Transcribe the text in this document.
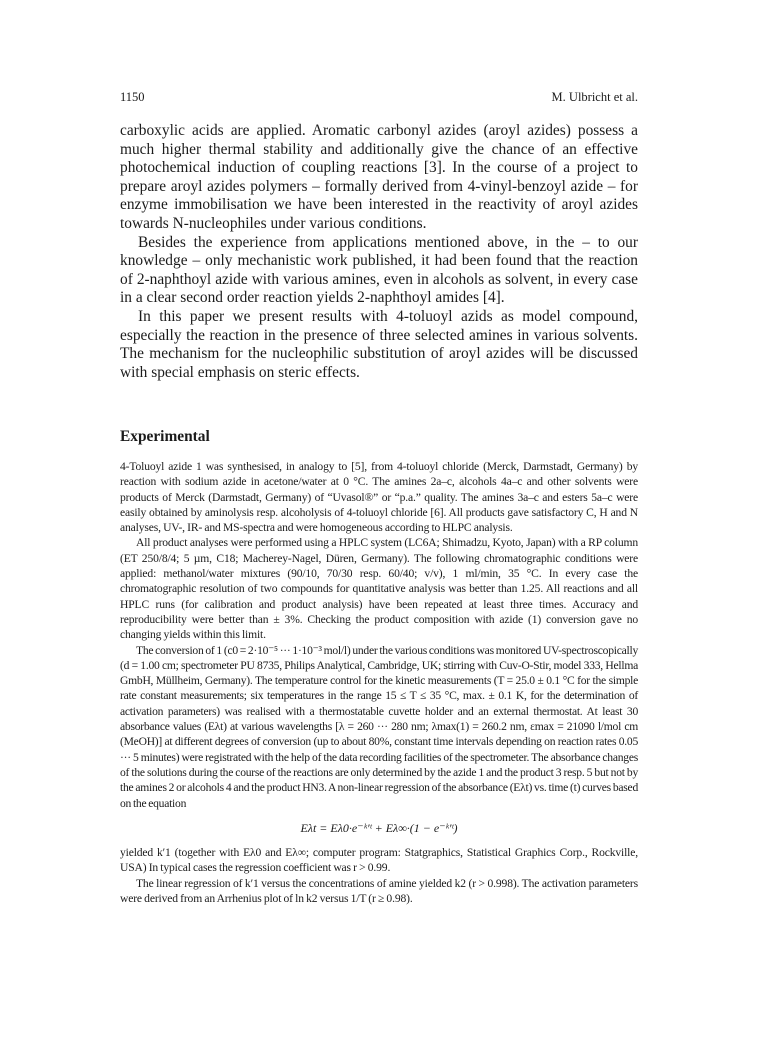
1150	M. Ulbricht et al.

carboxylic acids are applied. Aromatic carbonyl azides (aroyl azides) possess a much higher thermal stability and additionally give the chance of an effective photochemical induction of coupling reactions [3]. In the course of a project to prepare aroyl azides polymers – formally derived from 4-vinyl-benzoyl azide – for enzyme immobilisation we have been interested in the reactivity of aroyl azides towards N-nucleophiles under various conditions.

Besides the experience from applications mentioned above, in the – to our knowledge – only mechanistic work published, it had been found that the reaction of 2-naphthoyl azide with various amines, even in alcohols as solvent, in every case in a clear second order reaction yields 2-naphthoyl amides [4].

In this paper we present results with 4-toluoyl azids as model compound, especially the reaction in the presence of three selected amines in various solvents. The mechanism for the nucleophilic substitution of aroyl azides will be discussed with special emphasis on steric effects.

Experimental

4-Toluoyl azide 1 was synthesised, in analogy to [5], from 4-toluoyl chloride (Merck, Darmstadt, Germany) by reaction with sodium azide in acetone/water at 0 °C. The amines 2a–c, alcohols 4a–c and other solvents were products of Merck (Darmstadt, Germany) of “Uvasol®” or “p.a.” quality. The amines 3a–c and esters 5a–c were easily obtained by aminolysis resp. alcoholysis of 4-toluoyl chloride [6]. All products gave satisfactory C, H and N analyses, UV-, IR- and MS-spectra and were homogeneous according to HLPC analysis.

All product analyses were performed using a HPLC system (LC6A; Shimadzu, Kyoto, Japan) with a RP column (ET 250/8/4; 5 µm, C18; Macherey-Nagel, Düren, Germany). The following chromatographic conditions were applied: methanol/water mixtures (90/10, 70/30 resp. 60/40; v/v), 1 ml/min, 35 °C. In every case the chromatographic resolution of two compounds for quantitative analysis was better than 1.25. All reactions and all HPLC runs (for calibration and product analysis) have been repeated at least three times. Accuracy and reproducibility were better than ± 3%. Checking the product composition with azide (1) conversion gave no changing yields within this limit.

The conversion of 1 (c0 = 2·10⁻⁵ ··· 1·10⁻³ mol/l) under the various conditions was monitored UV-spectroscopically (d = 1.00 cm; spectrometer PU 8735, Philips Analytical, Cambridge, UK; stirring with Cuv-O-Stir, model 333, Hellma GmbH, Müllheim, Germany). The temperature control for the kinetic measurements (T = 25.0 ± 0.1 °C for the simple rate constant measurements; six temperatures in the range 15 ≤ T ≤ 35 °C, max. ± 0.1 K, for the determination of activation parameters) was realised with a thermostatable cuvette holder and an external thermostat. At least 30 absorbance values (Eλt) at various wavelengths [λ = 260 ··· 280 nm; λmax(1) = 260.2 nm, εmax = 21090 l/mol cm (MeOH)] at different degrees of conversion (up to about 80%, constant time intervals depending on reaction rates 0.05 ··· 5 minutes) were registrated with the help of the data recording facilities of the spectrometer. The absorbance changes of the solutions during the course of the reactions are only determined by the azide 1 and the product 3 resp. 5 but not by the amines 2 or alcohols 4 and the product HN3. A non-linear regression of the absorbance (Eλt) vs. time (t) curves based on the equation

Eλt = Eλ0·e⁻ᵏ′ᵗ + Eλ∞·(1 − e⁻ᵏ′ᵗ)

yielded k′1 (together with Eλ0 and Eλ∞; computer program: Statgraphics, Statistical Graphics Corp., Rockville, USA) In typical cases the regression coefficient was r > 0.99.

The linear regression of k′1 versus the concentrations of amine yielded k2 (r > 0.998). The activation parameters were derived from an Arrhenius plot of ln k2 versus 1/T (r ≥ 0.98).
